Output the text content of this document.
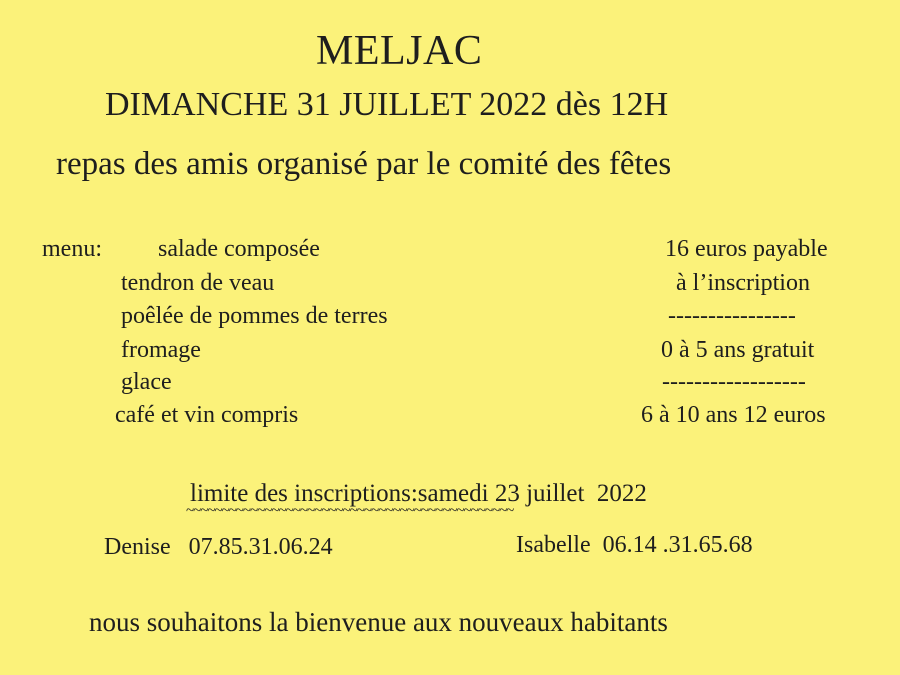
MELJAC
DIMANCHE 31 JUILLET 2022 dès 12H
repas des amis organisé par le comité des fêtes
menu: salade composée
tendron de veau
poêlée de pommes de terres
fromage
glace
café et vin compris
16 euros payable
à l’inscription
----------------
0 à 5 ans gratuit
------------------
6 à 10 ans 12 euros
limite des inscriptions:samedi 23 juillet  2022
~~~~~~~~~~~~~~~~~~~~~~~~~~~~~~~~~~~~~~~~~~~~~~
Denise   07.85.31.06.24	Isabelle  06.14 .31.65.68
nous souhaitons la bienvenue aux nouveaux habitants
